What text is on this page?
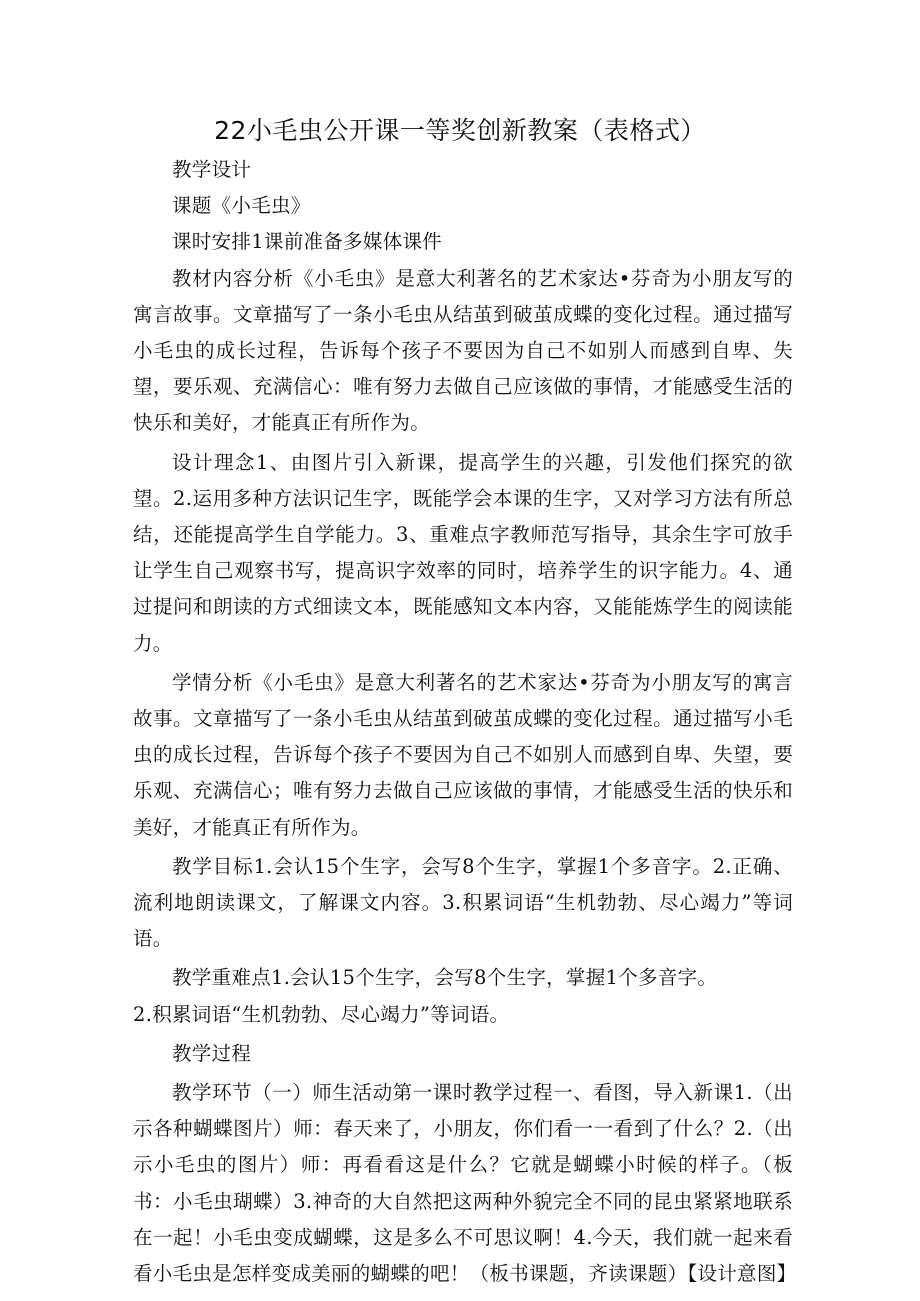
22小毛虫公开课一等奖创新教案（表格式）

教学设计

课题《小毛虫》

课时安排1课前准备多媒体课件

教材内容分析《小毛虫》是意大利著名的艺术家达•芬奇为小朋友写的寓言故事。文章描写了一条小毛虫从结茧到破茧成蝶的变化过程。通过描写小毛虫的成长过程，告诉每个孩子不要因为自己不如别人而感到自卑、失望，要乐观、充满信心：唯有努力去做自己应该做的事情，才能感受生活的快乐和美好，才能真正有所作为。

设计理念1、由图片引入新课，提高学生的兴趣，引发他们探究的欲望。2.运用多种方法识记生字，既能学会本课的生字，又对学习方法有所总结，还能提高学生自学能力。3、重难点字教师范写指导，其余生字可放手让学生自己观察书写，提高识字效率的同时，培养学生的识字能力。4、通过提问和朗读的方式细读文本，既能感知文本内容，又能能炼学生的阅读能力。

学情分析《小毛虫》是意大利著名的艺术家达•芬奇为小朋友写的寓言故事。文章描写了一条小毛虫从结茧到破茧成蝶的变化过程。通过描写小毛虫的成长过程，告诉每个孩子不要因为自己不如别人而感到自卑、失望，要乐观、充满信心；唯有努力去做自己应该做的事情，才能感受生活的快乐和美好，才能真正有所作为。

教学目标1.会认15个生字，会写8个生字，掌握1个多音字。2.正确、流利地朗读课文，了解课文内容。3.积累词语“生机勃勃、尽心竭力”等词语。

教学重难点1.会认15个生字，会写8个生字，掌握1个多音字。

2.积累词语“生机勃勃、尽心竭力”等词语。

教学过程

教学环节（一）师生活动第一课时教学过程一、看图，导入新课1.（出示各种蝴蝶图片）师：春天来了，小朋友，你们看一一看到了什么？2.（出示小毛虫的图片）师：再看看这是什么？它就是蝴蝶小时候的样子。（板书：小毛虫瑚蝶）3.神奇的大自然把这两种外貌完全不同的昆虫紧紧地联系在一起！小毛虫变成蝴蝶，这是多么不可思议啊！4.今天，我们就一起来看看小毛虫是怎样变成美丽的蝴蝶的吧！（板书课题，齐读课题）【设计意图】
